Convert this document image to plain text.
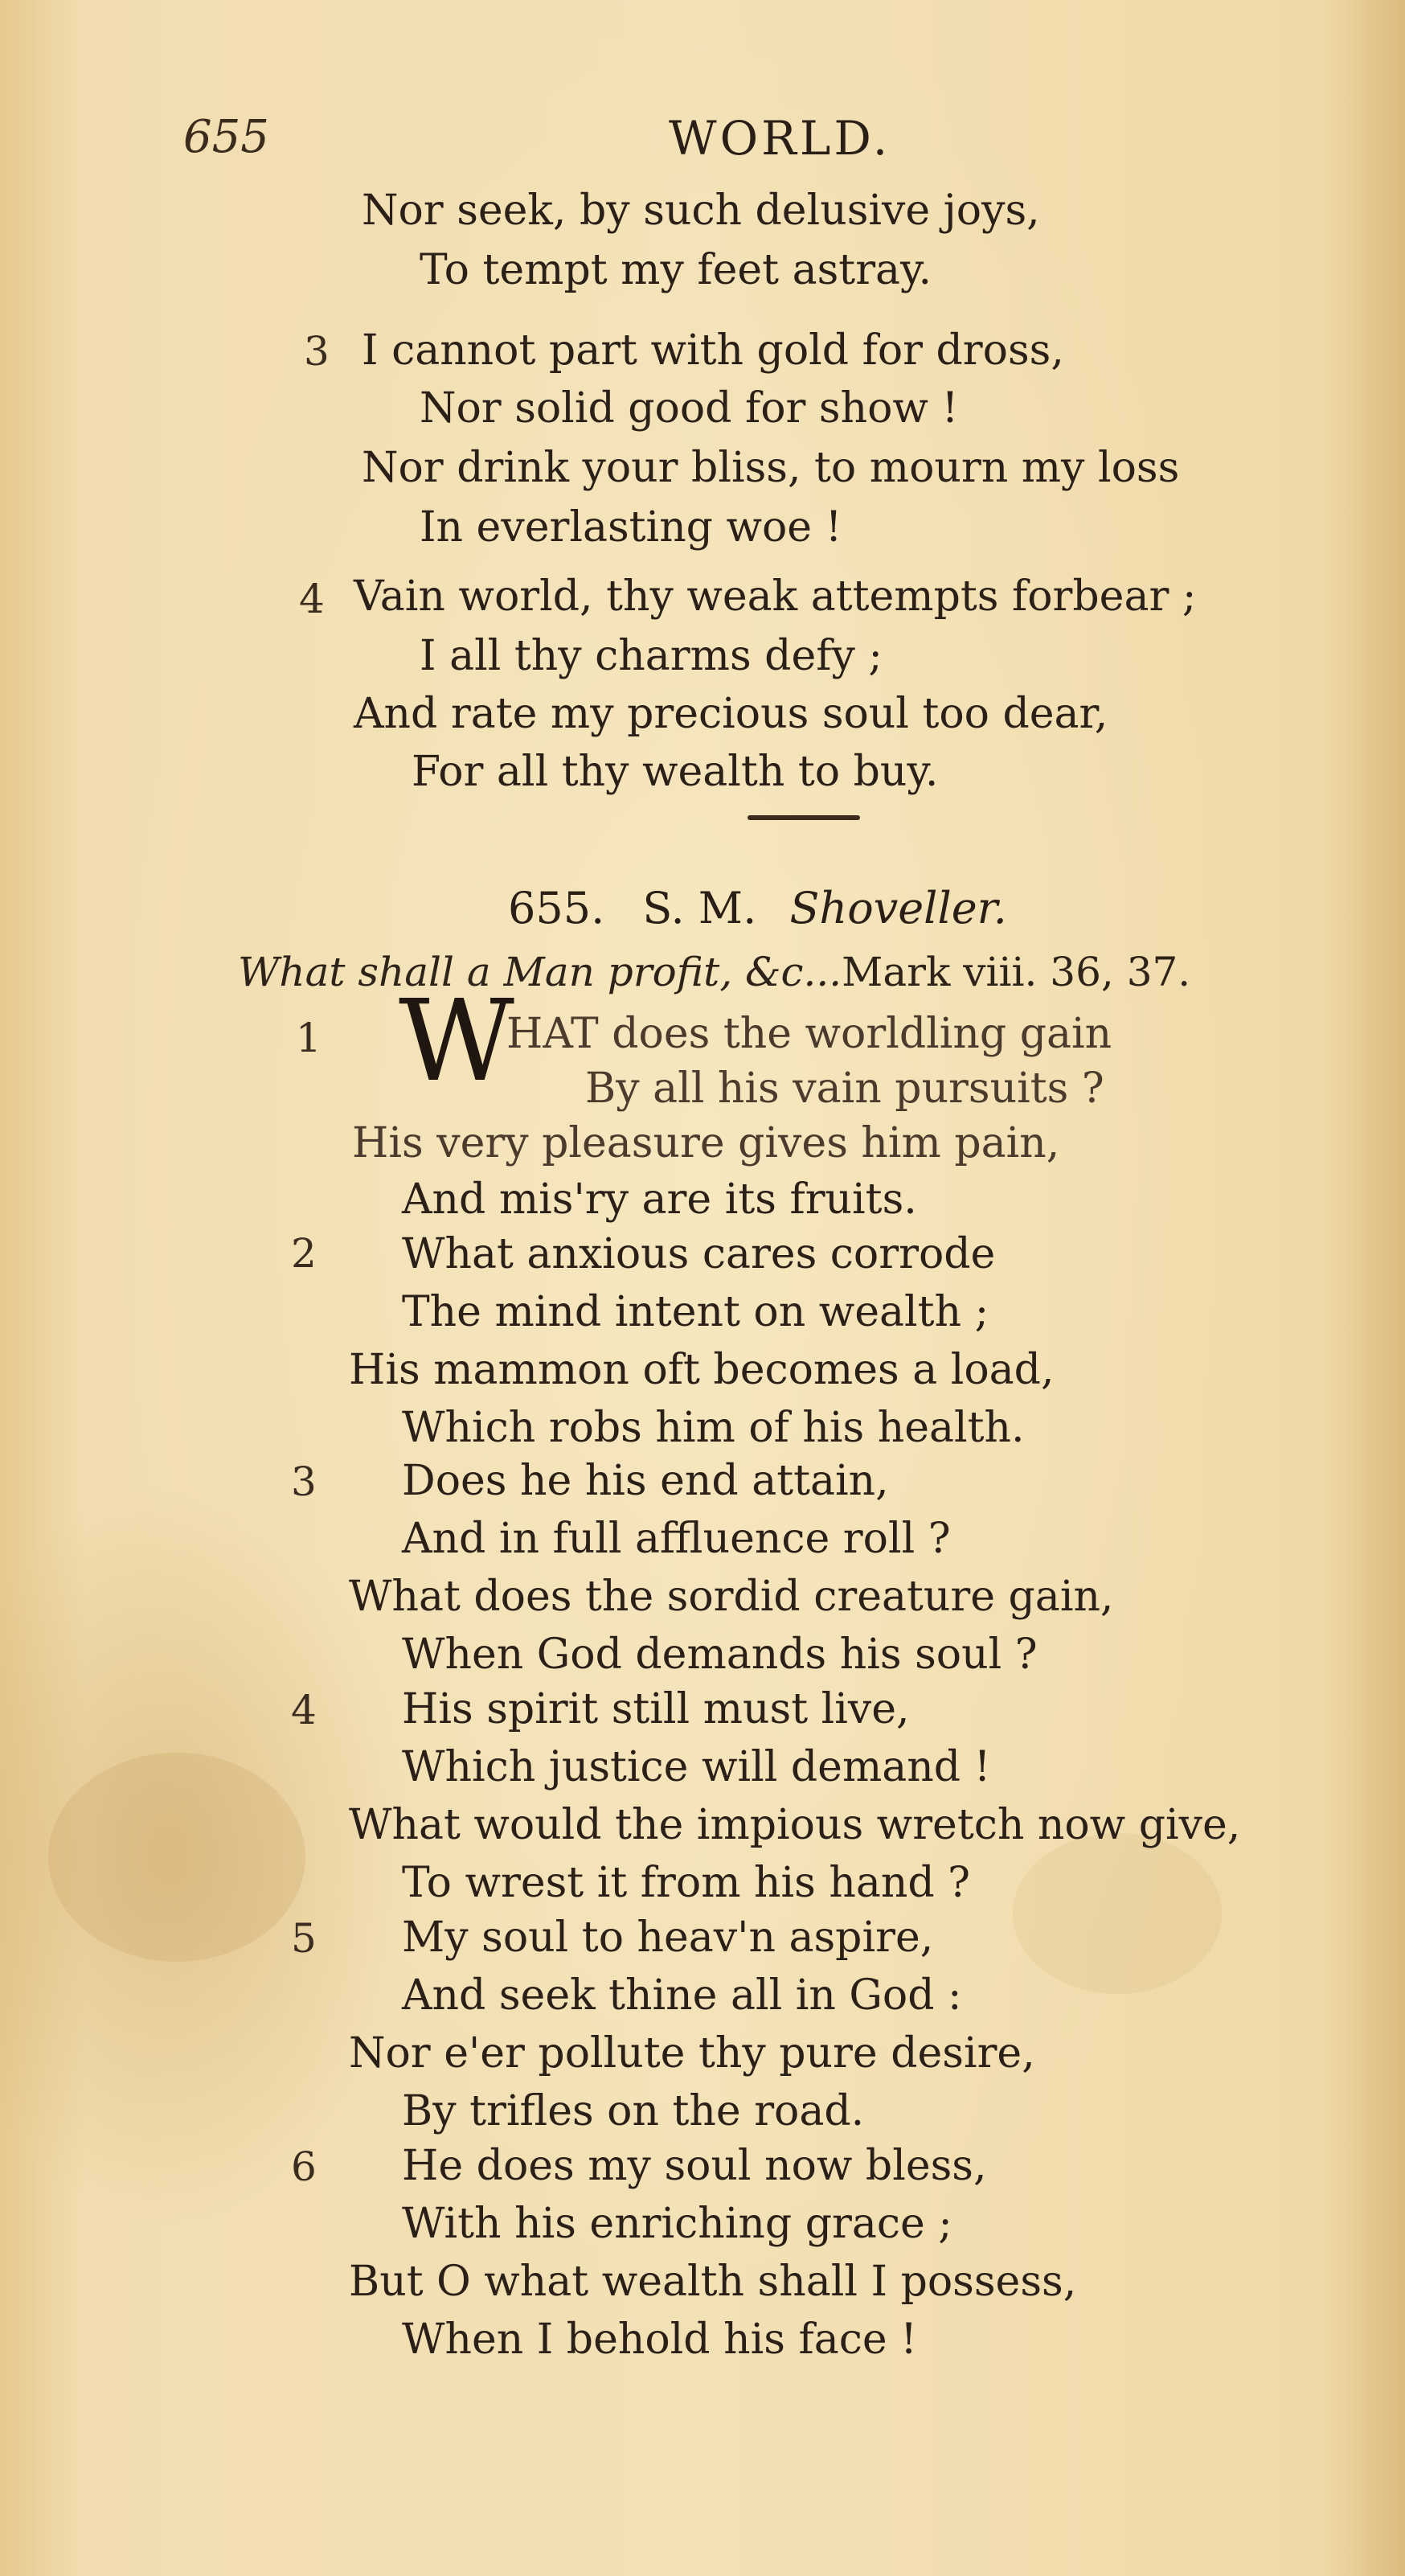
655	WORLD.
Nor seek, by such delusive joys,
To tempt my feet astray.
3 I cannot part with gold for dross,
Nor solid good for show !
Nor drink your bliss, to mourn my loss
In everlasting woe !
4 Vain world, thy weak attempts forbear ;
I all thy charms defy ;
And rate my precious soul too dear,
For all thy wealth to buy.
655. S. M. Shoveller.
What shall a Man profit, &c...Mark viii. 36, 37.
1 W
HAT does the worldling gain
By all his vain pursuits ?
His very pleasure gives him pain,
And mis'ry are its fruits.
2 What anxious cares corrode
The mind intent on wealth ;
His mammon oft becomes a load,
Which robs him of his health.
3 Does he his end attain,
And in full affluence roll ?
What does the sordid creature gain,
When God demands his soul ?
4 His spirit still must live,
Which justice will demand !
What would the impious wretch now give,
To wrest it from his hand ?
5 My soul to heav'n aspire,
And seek thine all in God :
Nor e'er pollute thy pure desire,
By trifles on the road.
6 He does my soul now bless,
With his enriching grace ;
But O what wealth shall I possess,
When I behold his face !
